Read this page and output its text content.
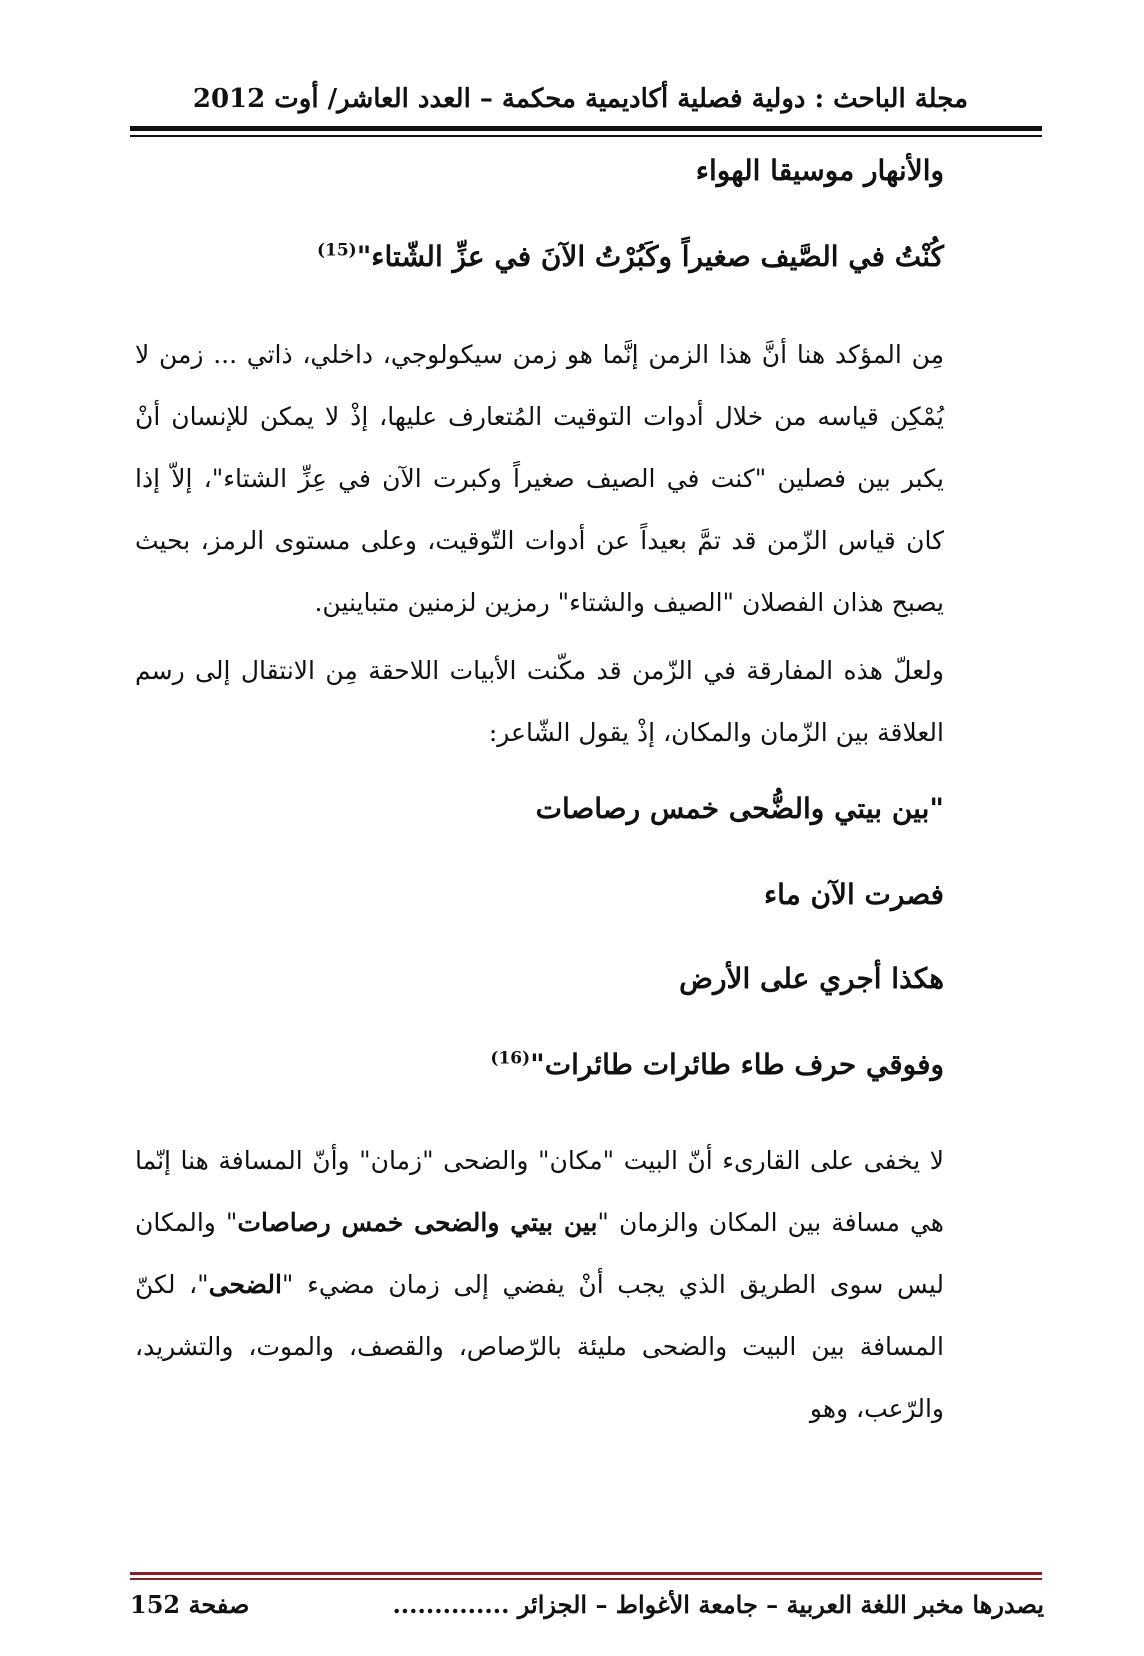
مجلة الباحث : دولية فصلية أكاديمية محكمة – العدد العاشر/ أوت 2012
والأنهار موسيقا الهواء
كُنْتُ في الصَّيف صغيراً وكَبُرْتُ الآنَ في عزِّ الشّتاء"$^{(15)}$
مِن المؤكد هنا أنَّ هذا الزمن إنَّما هو زمن سيكولوجي، داخلي، ذاتي ... زمن لا يُمْكِن قياسه من خلال أدوات التوقيت المُتعارف عليها، إذْ لا يمكن للإنسان أنْ يكبر بين فصلين "كنت في الصيف صغيراً وكبرت الآن في عِزِّ الشتاء"، إلاّ إذا كان قياس الزّمن قد تمَّ بعيداً عن أدوات التّوقيت، وعلى مستوى الرمز، بحيث يصبح هذان الفصلان "الصيف والشتاء" رمزين لزمنين متباينين.
ولعلّ هذه المفارقة في الزّمن قد مكّنت الأبيات اللاحقة مِن الانتقال إلى رسم العلاقة بين الزّمان والمكان، إذْ يقول الشّاعر:
"بين بيتي والضُّحى خمس رصاصات
فصرت الآن ماء
هكذا أجري على الأرض
وفوقي حرف طاء طائرات طائرات"$^{(16)}$
لا يخفى على القارىء أنّ البيت "مكان" والضحى "زمان" وأنّ المسافة هنا إنّما هي مسافة بين المكان والزمان "بين بيتي والضحى خمس رصاصات" والمكان ليس سوى الطريق الذي يجب أنْ يفضي إلى زمان مضيء "الضحى"، لكنّ المسافة بين البيت والضحى مليئة بالرّصاص، والقصف، والموت، والتشريد، والرّعب، وهو
يصدرها مخبر اللغة العربية – جامعة الأغواط – الجزائر ..............
صفحة 152
